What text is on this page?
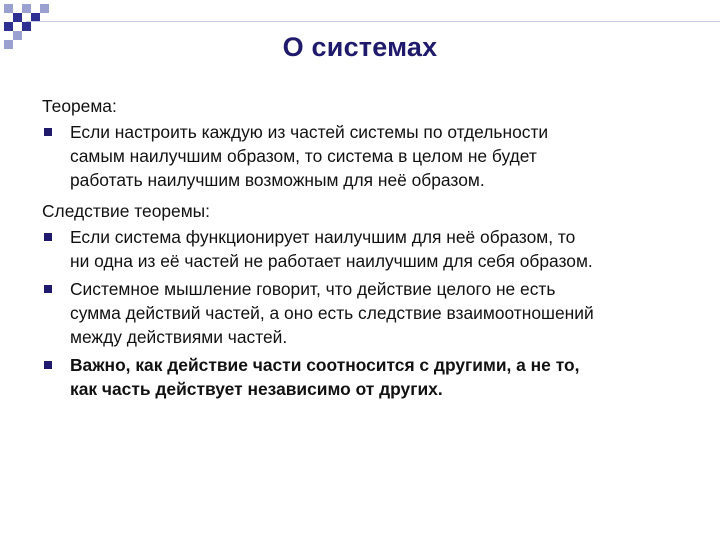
О системах
Теорема:
Если настроить каждую из частей системы по отдельности
самым наилучшим образом, то система в целом не будет
работать наилучшим возможным для неё образом.
Следствие теоремы:
Если система функционирует наилучшим для неё образом, то
ни одна из её частей не работает наилучшим для себя образом.
Системное мышление говорит, что действие целого не есть
сумма действий частей, а оно есть следствие взаимоотношений
между действиями частей.
Важно, как действие части соотносится с другими, а не то,
как часть действует независимо от других.
